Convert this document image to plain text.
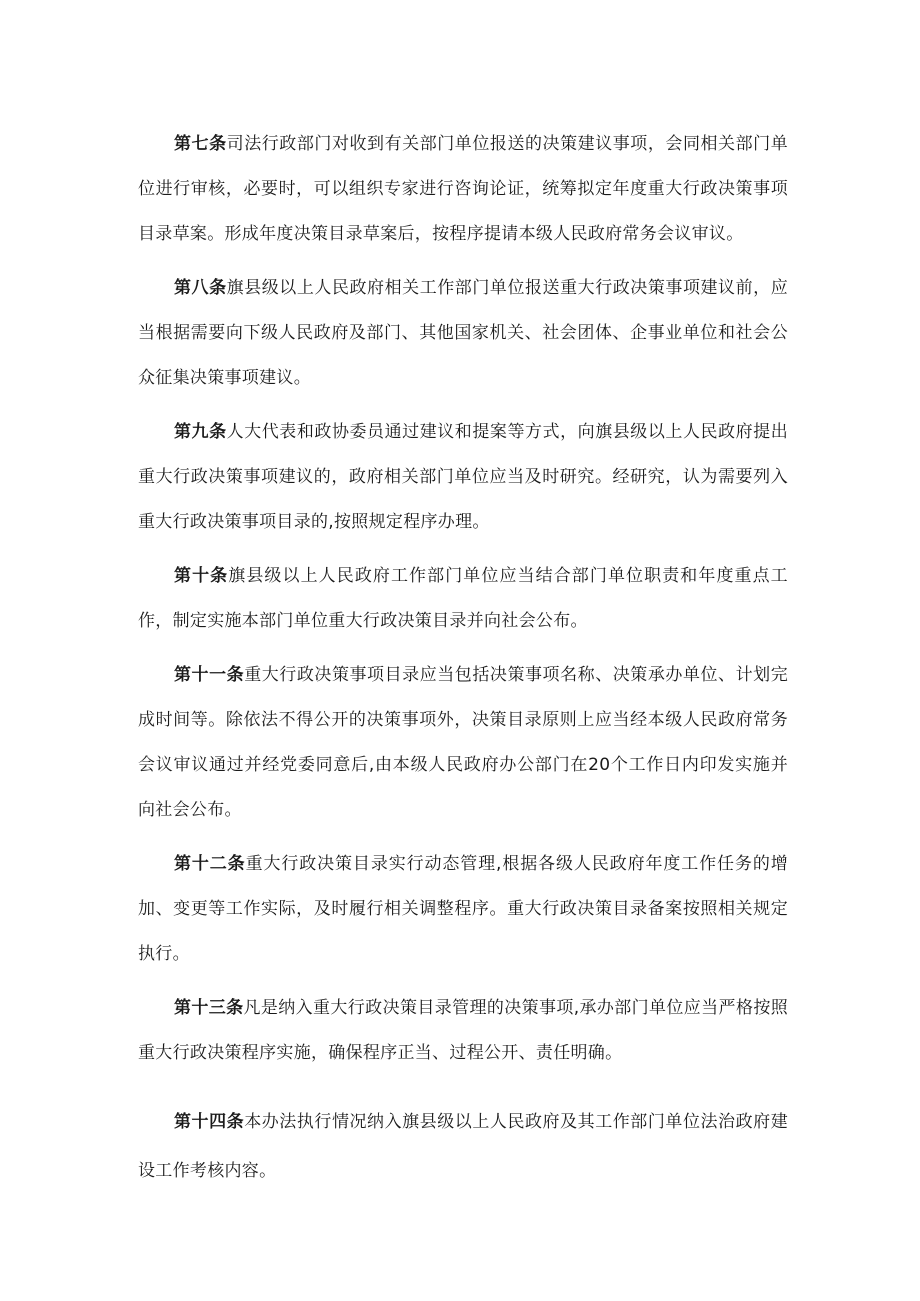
第七条司法行政部门对收到有关部门单位报送的决策建议事项，会同相关部门单位进行审核，必要时，可以组织专家进行咨询论证，统筹拟定年度重大行政决策事项目录草案。形成年度决策目录草案后，按程序提请本级人民政府常务会议审议。

第八条旗县级以上人民政府相关工作部门单位报送重大行政决策事项建议前，应当根据需要向下级人民政府及部门、其他国家机关、社会团体、企事业单位和社会公众征集决策事项建议。

第九条人大代表和政协委员通过建议和提案等方式，向旗县级以上人民政府提出重大行政决策事项建议的，政府相关部门单位应当及时研究。经研究，认为需要列入重大行政决策事项目录的,按照规定程序办理。

第十条旗县级以上人民政府工作部门单位应当结合部门单位职责和年度重点工作，制定实施本部门单位重大行政决策目录并向社会公布。

第十一条重大行政决策事项目录应当包括决策事项名称、决策承办单位、计划完成时间等。除依法不得公开的决策事项外，决策目录原则上应当经本级人民政府常务会议审议通过并经党委同意后,由本级人民政府办公部门在20个工作日内印发实施并向社会公布。

第十二条重大行政决策目录实行动态管理,根据各级人民政府年度工作任务的增加、变更等工作实际，及时履行相关调整程序。重大行政决策目录备案按照相关规定执行。

第十三条凡是纳入重大行政决策目录管理的决策事项,承办部门单位应当严格按照重大行政决策程序实施，确保程序正当、过程公开、责任明确。

第十四条本办法执行情况纳入旗县级以上人民政府及其工作部门单位法治政府建设工作考核内容。
